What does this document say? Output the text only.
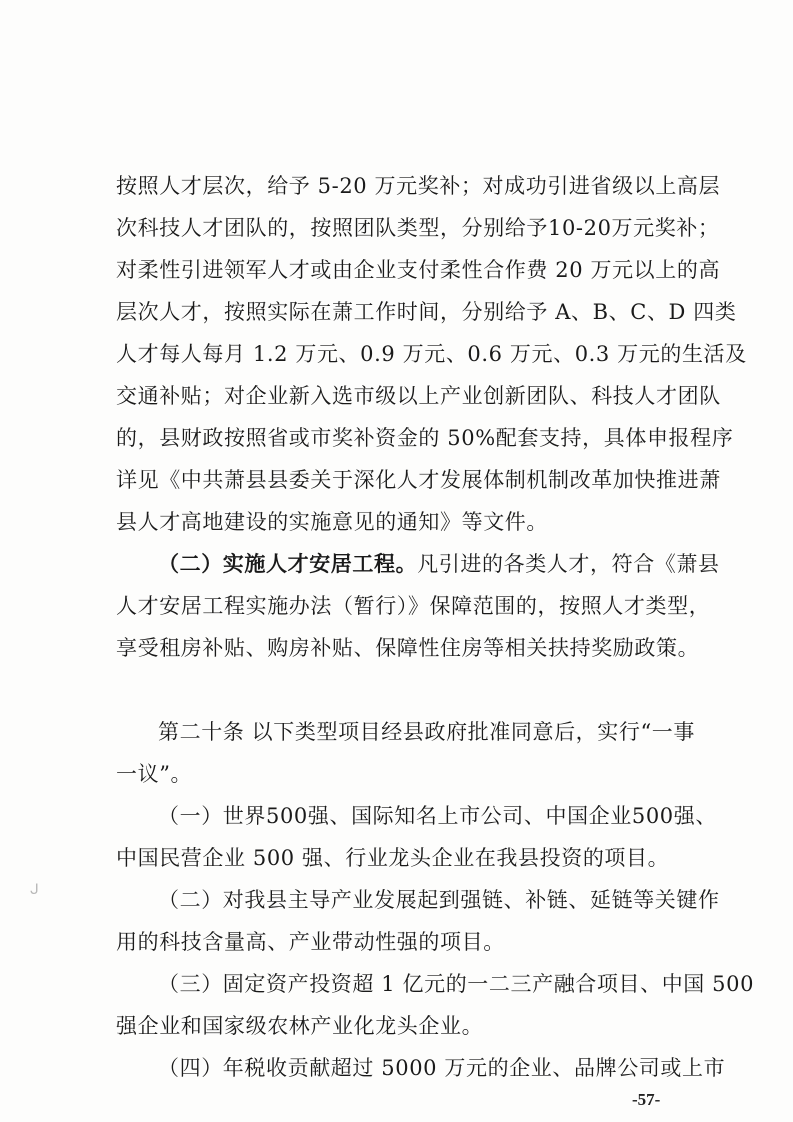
按照人才层次，给予 5-20 万元奖补；对成功引进省级以上高层
次科技人才团队的，按照团队类型，分别给予10-20万元奖补；
对柔性引进领军人才或由企业支付柔性合作费 20 万元以上的高
层次人才，按照实际在萧工作时间，分别给予 A、B、C、D 四类
人才每人每月 1.2 万元、0.9 万元、0.6 万元、0.3 万元的生活及
交通补贴；对企业新入选市级以上产业创新团队、科技人才团队
的，县财政按照省或市奖补资金的 50%配套支持，具体申报程序
详见《中共萧县县委关于深化人才发展体制机制改革加快推进萧
县人才高地建设的实施意见的通知》等文件。
（二）实施人才安居工程。凡引进的各类人才，符合《萧县
人才安居工程实施办法（暂行）》保障范围的，按照人才类型，
享受租房补贴、购房补贴、保障性住房等相关扶持奖励政策。
第二十条 以下类型项目经县政府批准同意后，实行“一事
一议”。
（一）世界500强、国际知名上市公司、中国企业500强、
中国民营企业 500 强、行业龙头企业在我县投资的项目。
（二）对我县主导产业发展起到强链、补链、延链等关键作
用的科技含量高、产业带动性强的项目。
（三）固定资产投资超 1 亿元的一二三产融合项目、中国 500
强企业和国家级农林产业化龙头企业。
（四）年税收贡献超过 5000 万元的企业、品牌公司或上市
-57-
ᒍ
